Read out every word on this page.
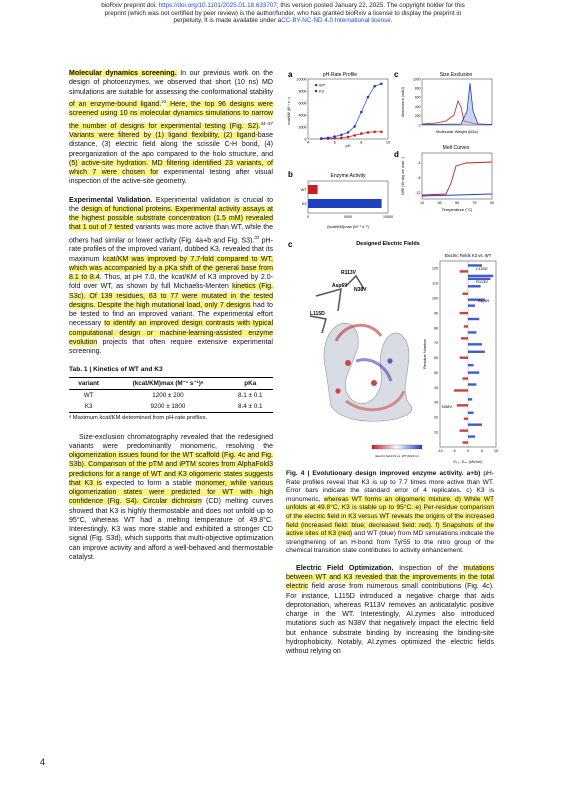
bioRxiv preprint doi: https://doi.org/10.1101/2025.01.18.633707; this version posted January 22, 2025. The copyright holder for this
preprint (which was not certified by peer review) is the author/funder, who has granted bioRxiv a license to display the preprint in
perpetuity. It is made available under aCC-BY-NC-ND 4.0 International license.

Molecular dynamics screening. In our previous work on the design of photoenzymes, we observed that short (10 ns) MD simulations are suitable for assessing the conformational stability of an enzyme-bound ligand.$^{22}$ Here, the top 96 designs were screened using 10 ns molecular dynamics simulations to narrow the number of designs for experimental testing (Fig. S2).$^{34-37}$ Variants were filtered by (1) ligand flexibility, (2) ligand-base distance, (3) electric field along the scissile C-H bond, (4) preorganization of the apo compared to the holo structure, and (5) active-site hydration. MD filtering identified 23 variants, of which 7 were chosen for experimental testing after visual inspection of the active-site geometry.

Experimental Validation. Experimental validation is crucial to the design of functional proteins. Experimental activity assays at the highest possible substrate concentration (1.5 mM) revealed that 1 out of 7 tested variants was more active than WT, while the others had similar or lower activity (Fig. 4a+b and Fig. S3).$^{32}$ pH-rate profiles of the improved variant, dubbed K3, revealed that its maximum kcat/KM was improved by 7.7-fold compared to WT, which was accompanied by a pKa shift of the general base from 8.1 to 8.4. Thus, at pH 7.0, the kcat/KM of K3 improved by 2.0-fold over WT, as shown by full Michaelis-Menten kinetics (Fig. S3c). Of 139 residues, 63 to 77 were mutated in the tested designs. Despite the high mutational load, only 7 designs had to be tested to find an improved variant. The experimental effort necessary to identify an improved design contrasts with typical computational design or machine-learning-assisted enzyme evolution projects that often require extensive experimental screening.

Tab. 1 | Kinetics of WT and K3
variant	(kcat/KM)max (M⁻¹ s⁻¹)ᵃ	pKa
WT	1200 ± 200	8.1 ± 0.1
K3	9200 ± 1800	8.4 ± 0.1
ᵃ Maximum kcat/KM determined from pH-rate profiles.

Size-exclusion chromatography revealed that the redesigned variants were predominantly monomeric, resolving the oligomerization issues found for the WT scaffold (Fig. 4c and Fig. S3b). Comparison of the pTM and iPTM scores from AlphaFold3 predictions for a range of WT and K3 oligomeric states suggests that K3 is expected to form a stable monomer, while various oligomerization states were predicted for WT with high confidence (Fig. S4). Circular dichroism (CD) melting curves showed that K3 is highly thermostable and does not unfold up to 95°C, whereas WT had a melting temperature of 49.8°C. Interestingly, K3 was more stable and exhibited a stronger CD signal (Fig. S3d), which supports that multi-objective optimization can improve activity and afford a well-behaved and thermostable catalyst.

a	pH-Rate Profile
0
2000
4000
6000
8000
10000
4	6	8	10
pH
kcat/KM (M⁻¹ s⁻¹)
WT
K3
c	Size Exclusion
0
200
400
600
800
1000
Molecular Weight (kDa)
Absorbance (mAU)
d
Melt Curves
10	30	50	70	90
-4
-8
-12
Temperature (°C)
MRE (10³ deg cm² dmol⁻¹)
b	Enzyme Activity
WT
K3
0	5000	10000
(kcat/KM)max (M⁻¹ s⁻¹)
c	Designed Electric Fields
R113V
Asp69
N38V
L115D
Electric field K3 vs. WT (MV/cm)
Electric Fields K3 vs. WT
10
20
30
40
50
60
70
80
90
100
110
120
-10	-5	0	5	10
L115D
R113V
Asp69
N38V
Residue Number
Eₖ₃ - Eᵥᵥₜ (MV/cm)

Fig. 4 | Evolutionary design improved enzyme activity. a+b) pH-Rate profiles reveal that K3 is up to 7.7 times more active than WT. Error bars indicate the standard error of 4 replicates. c) K3 is monomeric, whereas WT forms an oligomeric mixture. d) While WT unfolds at 49.8°C, K3 is stable up to 95°C. e) Per-residue comparison of the electric field in K3 versus WT reveals the origins of the increased field (increased field: blue; decreased field: red). f) Snapshots of the active sites of K3 (red) and WT (blue) from MD simulations indicate the strengthening of an H-bond from Tyr55 to the nitro group of the chemical transition state contributes to activity enhancement.

Electric Field Optimization. Inspection of the mutations between WT and K3 revealed that the improvements in the total electric field arose from numerous small contributions (Fig. 4c). For instance, L115D introduced a negative charge that aids deprotonation, whereas R113V removes an anticatalytic positive charge in the WT. Interestingly, AI.zymes also introduced mutations such as N38V that negatively impact the electric field but enhance substrate binding by increasing the binding-site hydrophobicity. Notably, AI.zymes optimized the electric fields without relying on

4
